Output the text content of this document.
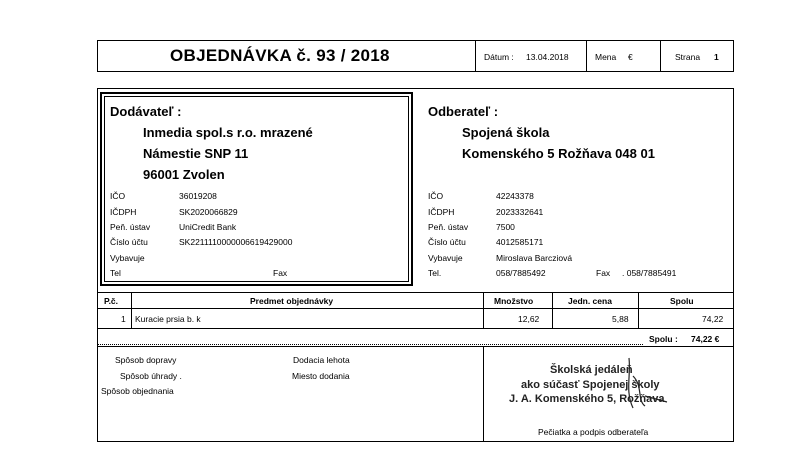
OBJEDNÁVKA č. 93 / 2018	Dátum : 13.04.2018	Mena €	Strana 1
Dodávateľ :
Inmedia spol.s r.o. mrazené
Námestie SNP 11
96001 Zvolen
IČO	36019208
IČDPH	SK2020066829
Peň. ústav	UniCredit Bank
Číslo účtu	SK2211110000006619429000
Vybavuje
Tel	Fax
Odberateľ :
Spojená škola
Komenského 5 Rožňava 048 01
IČO	42243378
IČDPH	2023332641
Peň. ústav	7500
Číslo účtu	4012585171
Vybavuje	Miroslava Barcziová
Tel.	058/7885492	Fax . 058/7885491
P.č.	Predmet objednávky	Množstvo	Jedn. cena	Spolu
1 Kuracie prsia b. k	12,62	5,88	74,22
Spolu : 74,22 €
Spôsob dopravy
Spôsob úhrady .
Spôsob objednania
Dodacia lehota
Miesto dodania	Školská jedáleň
ako súčasť Spojenej školy
J. A. Komenského 5, Rožňava
Pečiatka a podpis odberateľa
